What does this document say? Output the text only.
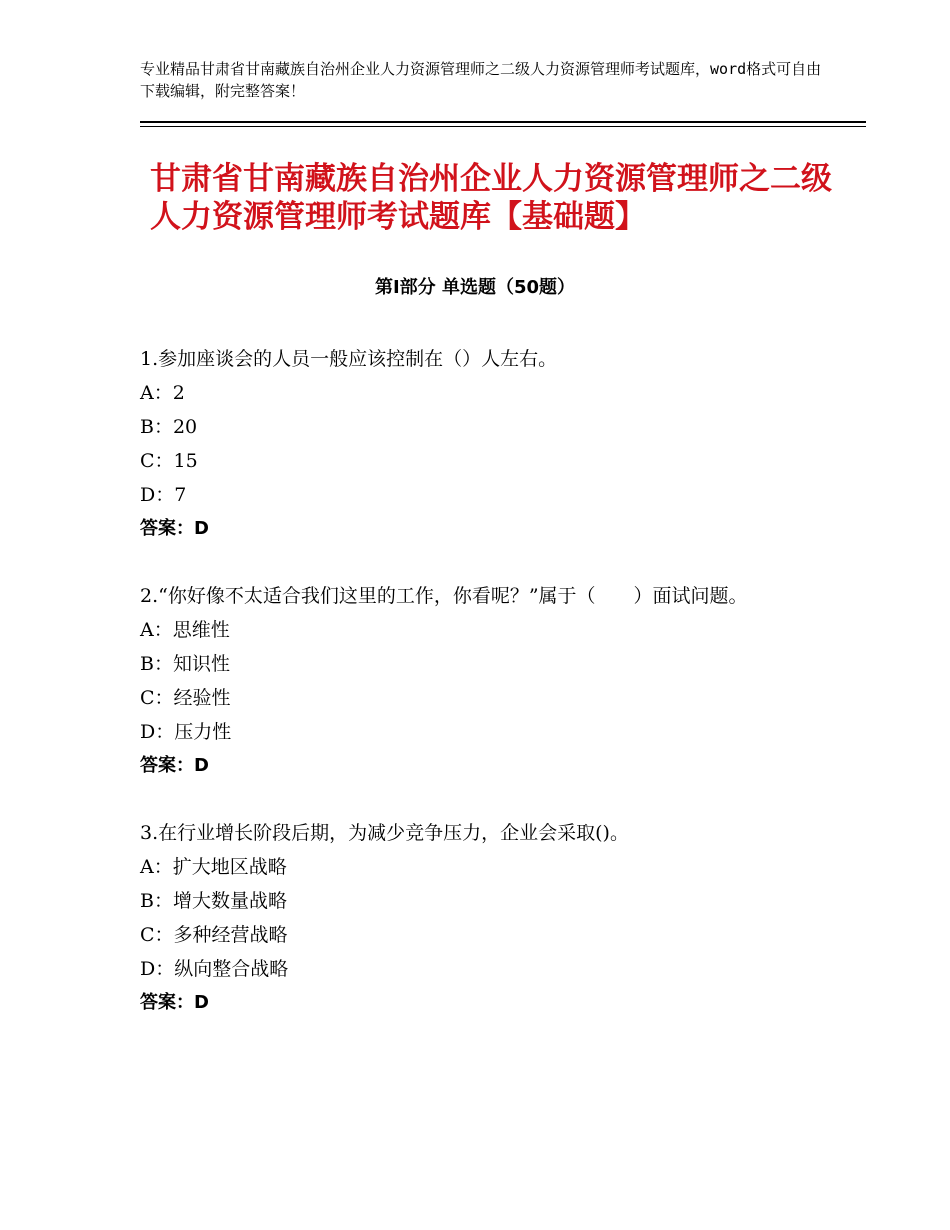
专业精品甘肃省甘南藏族自治州企业人力资源管理师之二级人力资源管理师考试题库，word格式可自由下载编辑，附完整答案！
甘肃省甘南藏族自治州企业人力资源管理师之二级人力资源管理师考试题库【基础题】
第Ⅰ部分 单选题（50题）

1.参加座谈会的人员一般应该控制在（）人左右。

A：2

B：20

C：15

D：7

答案：D

2.“你好像不太适合我们这里的工作，你看呢？”属于（　　）面试问题。

A：思维性

B：知识性

C：经验性

D：压力性

答案：D

3.在行业增长阶段后期，为减少竞争压力，企业会采取()。

A：扩大地区战略

B：增大数量战略

C：多种经营战略

D：纵向整合战略

答案：D
